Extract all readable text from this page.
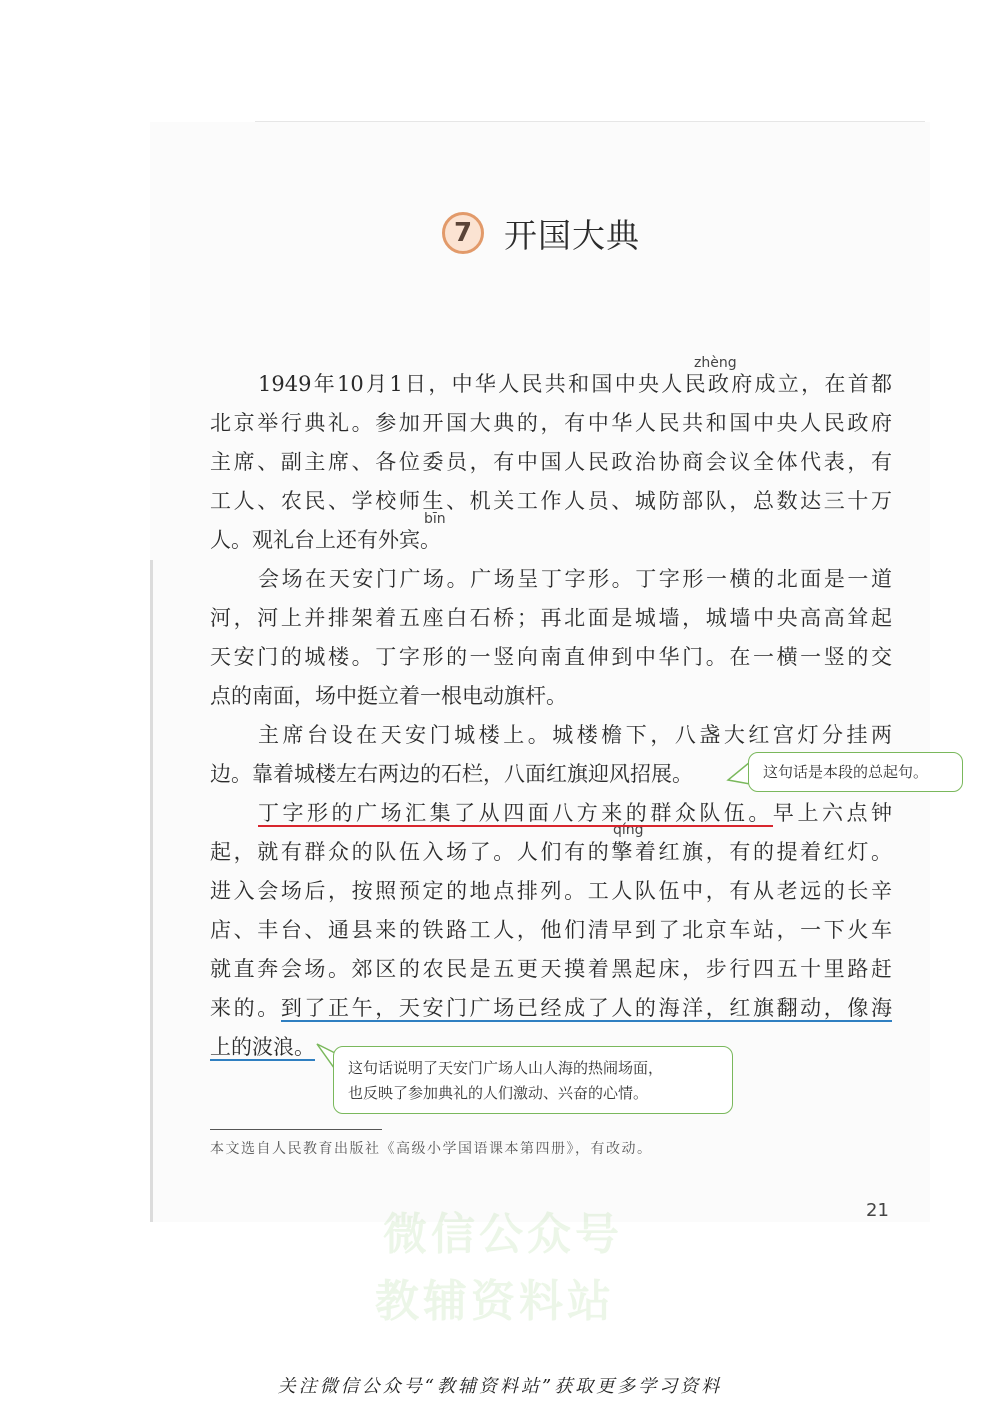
7 开国大典
zhèng
bīn
qíng
1949年10月1日，中华人民共和国中央人民政府成立，在首都
北京举行典礼。参加开国大典的，有中华人民共和国中央人民政府
主席、副主席、各位委员，有中国人民政治协商会议全体代表，有
工人、农民、学校师生、机关工作人员、城防部队，总数达三十万
人。观礼台上还有外宾。
会场在天安门广场。广场呈丁字形。丁字形一横的北面是一道
河，河上并排架着五座白石桥；再北面是城墙，城墙中央高高耸起
天安门的城楼。丁字形的一竖向南直伸到中华门。在一横一竖的交
点的南面，场中挺立着一根电动旗杆。
主席台设在天安门城楼上。城楼檐下，八盏大红宫灯分挂两
边。靠着城楼左右两边的石栏，八面红旗迎风招展。
丁字形的广场汇集了从四面八方来的群众队伍。早上六点钟
起，就有群众的队伍入场了。人们有的擎着红旗，有的提着红灯。
进入会场后，按照预定的地点排列。工人队伍中，有从老远的长辛
店、丰台、通县来的铁路工人，他们清早到了北京车站，一下火车
就直奔会场。郊区的农民是五更天摸着黑起床，步行四五十里路赶
来的。到了正午，天安门广场已经成了人的海洋，红旗翻动，像海
上的波浪。
这句话是本段的总起句。
这句话说明了天安门广场人山人海的热闹场面，
也反映了参加典礼的人们激动、兴奋的心情。
本文选自人民教育出版社《高级小学国语课本第四册》，有改动。
21
微信公众号
教辅资料站
关注微信公众号“教辅资料站”获取更多学习资料
